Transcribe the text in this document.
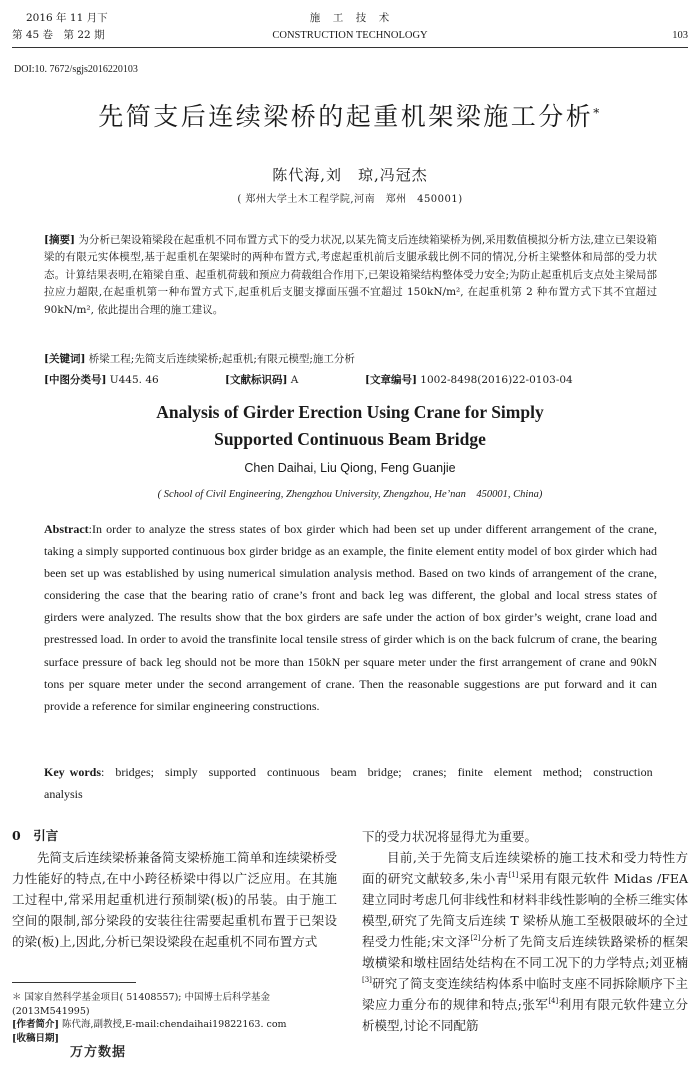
2016 年 11 月下
第 45 卷　第 22 期
施　工　技　术
CONSTRUCTION TECHNOLOGY	103
DOI:10. 7672/sgjs2016220103
先简支后连续梁桥的起重机架梁施工分析*
陈代海,刘　琼,冯冠杰
( 郑州大学土木工程学院,河南　郑州　450001)
[摘要] 为分析已架设箱梁段在起重机不同布置方式下的受力状况,以某先简支后连续箱梁桥为例,采用数值模拟分析方法,建立已架设箱梁的有限元实体模型,基于起重机在架梁时的两种布置方式,考虑起重机前后支腿承载比例不同的情况,分析主梁整体和局部的受力状态。计算结果表明,在箱梁自重、起重机荷载和预应力荷载组合作用下,已架设箱梁结构整体受力安全;为防止起重机后支点处主梁局部拉应力超限,在起重机第一种布置方式下,起重机后支腿支撑面压强不宜超过 150kN/m², 在起重机第 2 种布置方式下其不宜超过 90kN/m², 依此提出合理的施工建议。
[关键词] 桥梁工程;先简支后连续梁桥;起重机;有限元模型;施工分析
[中图分类号] U445. 46	[文献标识码] A	[文章编号] 1002-8498(2016)22-0103-04
Analysis of Girder Erection Using Crane for Simply
Supported Continuous Beam Bridge
Chen Daihai, Liu Qiong, Feng Guanjie
( School of Civil Engineering, Zhengzhou University, Zhengzhou, He’nan　450001, China)
Abstract:In order to analyze the stress states of box girder which had been set up under different arrangement of the crane, taking a simply supported continuous box girder bridge as an example, the finite element entity model of box girder which had been set up was established by using numerical simulation analysis method. Based on two kinds of arrangement of the crane, considering the case that the bearing ratio of crane’s front and back leg was different, the global and local stress states of girders were analyzed. The results show that the box girders are safe under the action of box girder’s weight, crane load and prestressed load. In order to avoid the transfinite local tensile stress of girder which is on the back fulcrum of crane, the bearing surface pressure of back leg should not be more than 150kN per square meter under the first arrangement of crane and 90kN tons per square meter under the second arrangement of crane. Then the reasonable suggestions are put forward and it can provide a reference for similar engineering constructions.
Key words: bridges; simply supported continuous beam bridge; cranes; finite element method; construction analysis
0　引言
先简支后连续梁桥兼备简支梁桥施工简单和连续梁桥受力性能好的特点,在中小跨径桥梁中得以广泛应用。在其施工过程中,常采用起重机进行预制梁(板)的吊装。由于施工空间的限制,部分梁段的安装往往需要起重机布置于已架设的梁(板)上,因此,分析已架设梁段在起重机不同布置方式
下的受力状况将显得尤为重要。
目前,关于先简支后连续梁桥的施工技术和受力特性方面的研究文献较多,朱小青[1]采用有限元软件 Midas /FEA 建立同时考虑几何非线性和材料非线性影响的全桥三维实体模型,研究了先简支后连续 T 梁桥从施工至极限破坏的全过程受力性能;宋文泽[2]分析了先简支后连续铁路梁桥的框架墩横梁和墩柱固结处结构在不同工况下的力学特点;刘亚楠[3]研究了简支变连续结构体系中临时支座不同拆除顺序下主梁应力重分布的规律和特点;张军[4]利用有限元软件建立分析模型,讨论不同配筋
＊ 国家自然科学基金项目( 51408557); 中国博士后科学基金(2013M541995)
[作者简介] 陈代海,副教授,E-mail:chendaihai19822163. com
[收稿日期]
万方数据
